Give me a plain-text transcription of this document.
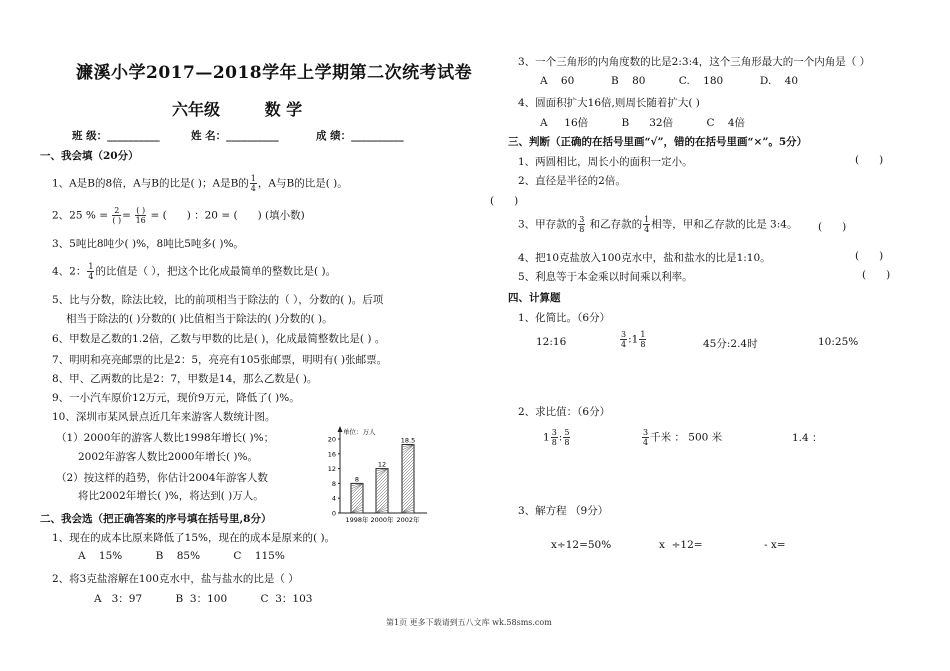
濂溪小学2017—2018学年上学期第二次统考试卷
六年级        数 学
班 级：__________	姓 名：__________	成 绩：__________
一、我会填（20分）
1、A是B的8倍，A与B的比是( )；A是B的 $\frac{1}{4}$ ，A与B的比是( )。
2、25 % = $\frac{2}{( )} = \frac{( )}{16}$ = (      ) ：20 = (      ) (填小数)
3、5吨比8吨少( )%，8吨比5吨多( )%。
4、2： $\frac{1}{4}$ 的比值是（ ），把这个比化成最简单的整数比是( )。
5、比与分数，除法比较，比的前项相当于除法的（ ），分数的( )。后项
相当于除法的( )分数的( )比值相当于除法的( )分数的( )。
6、甲数是乙数的1.2倍，乙数与甲数的比是( )，化成最简整数比是( ) 。
7、明明和亮亮邮票的比是2：5，亮亮有105张邮票，明明有( )张邮票。
8、甲、乙两数的比是2：7，甲数是14，那么乙数是( )。
9、一小汽车原价12万元，现价9万元，降低了( )%。
10、深圳市某风景点近几年来游客人数统计图。
（1）2000年的游客人数比1998年增长( )%；
2002年游客人数比2000年增长( )%。
（2）按这样的趋势，你估计2004年游客人数
将比2002年增长( )%，将达到( )万人。
单位：万人
0
4
8
12
16
20
8
1998年
12
2000年
18.5
2002年
二、我会选（把正确答案的序号填在括号里,8分）
1、现在的成本比原来降低了15%，现在的成本是原来的( )。
A    15%          B    85%          C    115%
2、将3克盐溶解在100克水中，盐与盐水的比是（ ）
A   3：97          B  3：100          C  3：103
3、一个三角形的内角度数的比是2:3:4，这个三角形最大的一个内角是（ ）
A    60           B    80          C.    180           D.    40
4、圆面积扩大16倍,则周长随着扩大( )
A     16倍          B      32倍          C    4倍
三、判断（正确的在括号里画“√”，错的在括号里画“×”。5分）
1、两圆相比，周长小的面积一定小。	(      )
2、直径是半径的2倍。
(      )
3、甲存款的 $\frac{3}{8}$ 和乙存款的 $\frac{1}{4}$ 相等，甲和乙存款的比是 3:4。 (      )
4、把10克盐放入100克水中，盐和盐水的比是1:10。	(      )
5、利息等于本金乘以时间乘以利率。	(      )
四、计算题
1、化简比。（6分）
12:16	$\frac{3}{4}$ :1 $\frac{1}{8}$	45分:2.4时	10:25%
2、求比值：（6分）
$1 \frac{3}{8}$ : $\frac{5}{8}$	$\frac{3}{4}$ 千米 ： 500 米	1.4 ：
3、解方程 （9分）
x÷12=50%	x  ÷12=	- x=
第1页 更多下载请到五八文库 wk.58sms.com
